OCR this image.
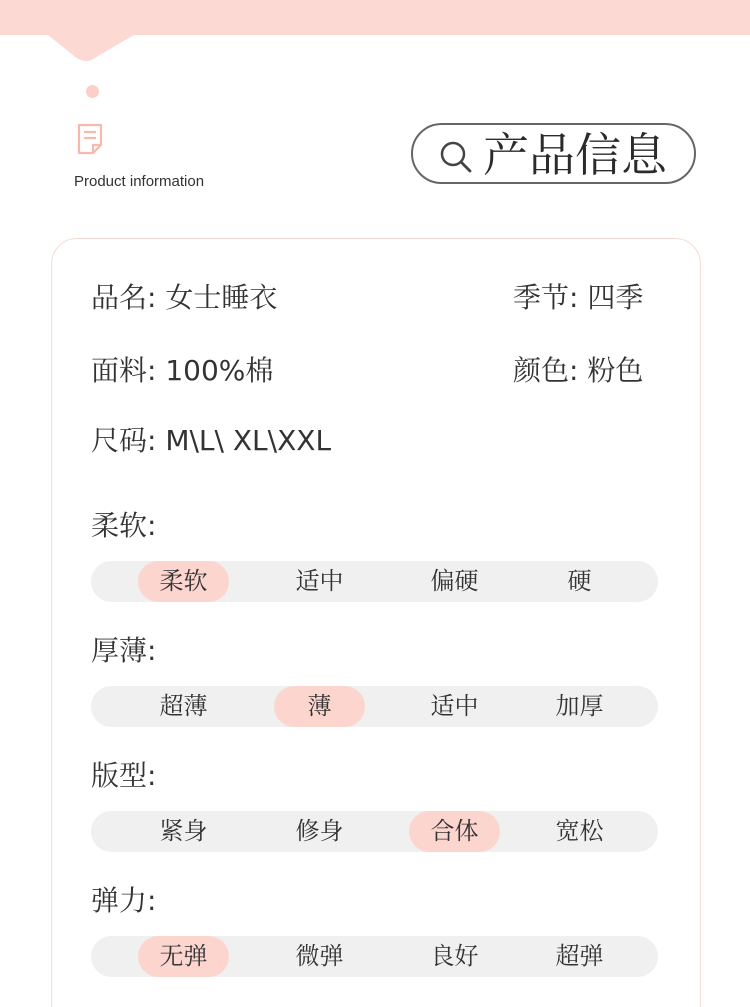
Product information	产品信息
品名: 女士睡衣	季节: 四季
面料: 100%棉	颜色: 粉色
尺码: M\L\ XL\XXL
柔软:
柔软	适中	偏硬	硬
厚薄:
超薄	薄	适中	加厚
版型:
紧身	修身	合体	宽松
弹力:
无弹	微弹	良好	超弹
